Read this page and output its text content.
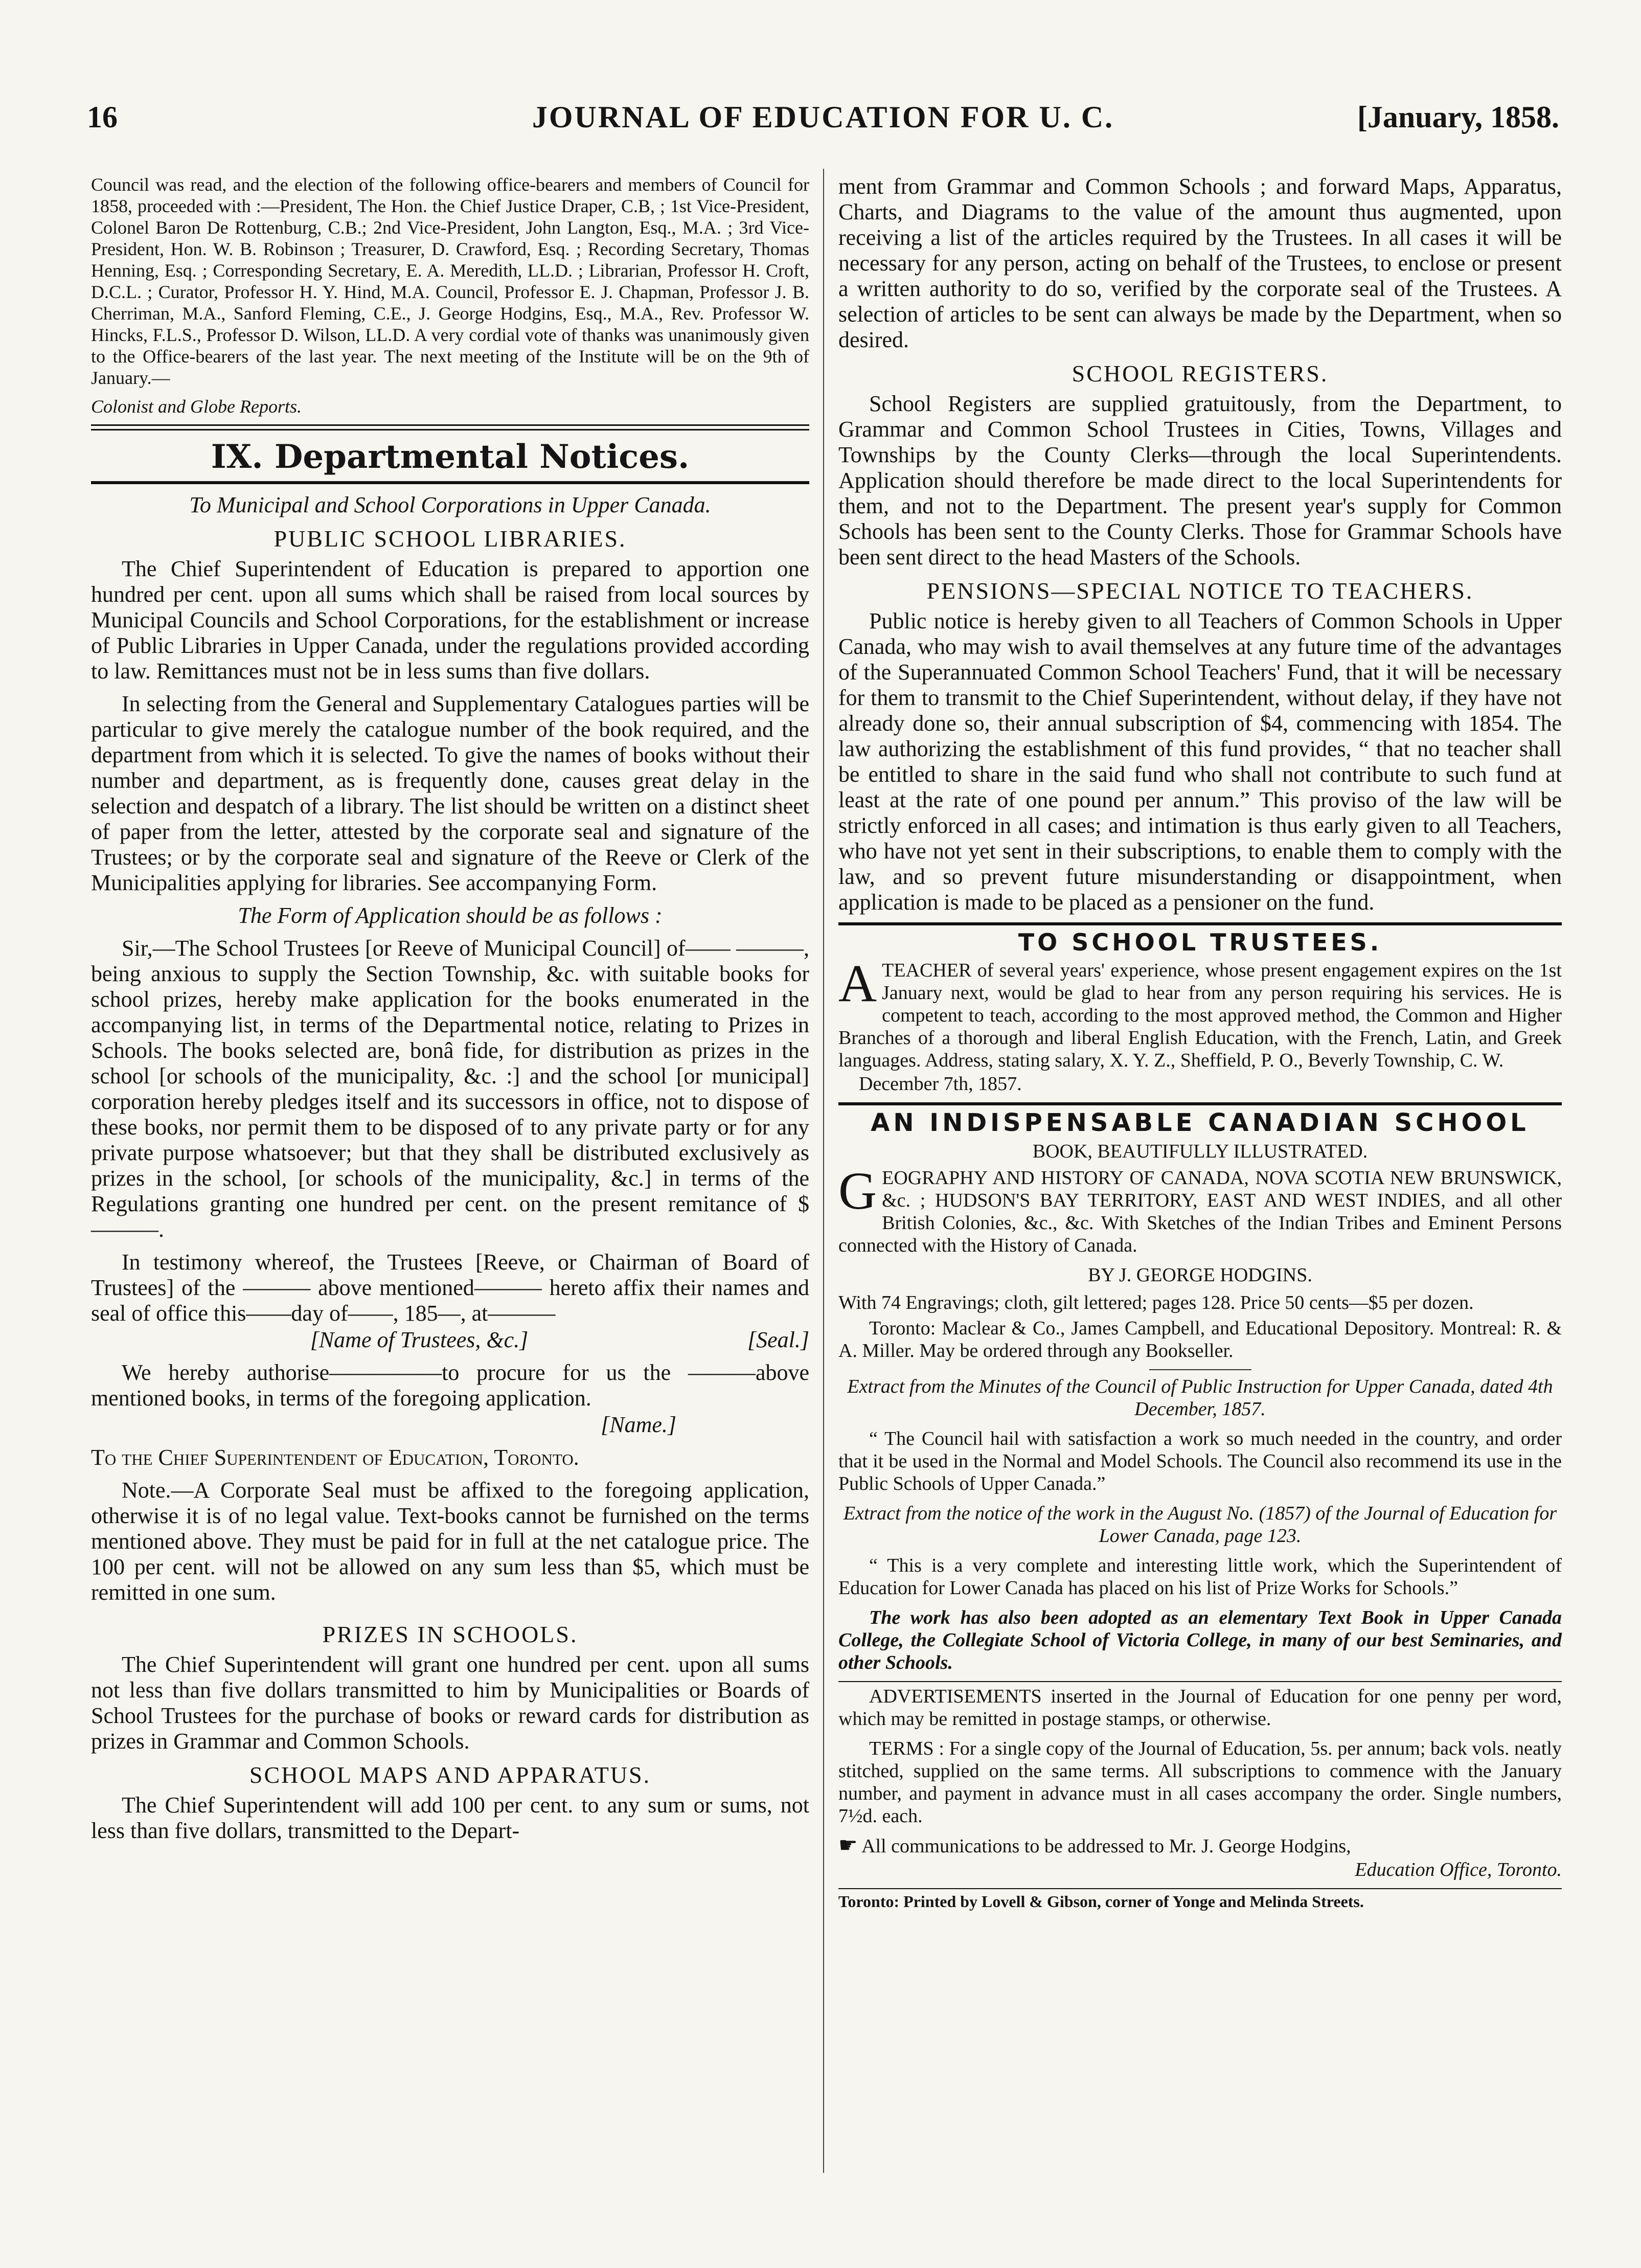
16	JOURNAL OF EDUCATION FOR U. C.	[January, 1858.

Council was read, and the election of the following office-bearers and members of Council for 1858, proceeded with :—President, The Hon. the Chief Justice Draper, C.B, ; 1st Vice-President, Colonel Baron De Rottenburg, C.B.; 2nd Vice-President, John Langton, Esq., M.A. ; 3rd Vice-President, Hon. W. B. Robinson ; Treasurer, D. Crawford, Esq. ; Recording Secretary, Thomas Henning, Esq. ; Corresponding Secretary, E. A. Meredith, LL.D. ; Librarian, Professor H. Croft, D.C.L. ; Curator, Professor H. Y. Hind, M.A. Council, Professor E. J. Chapman, Professor J. B. Cherriman, M.A., Sanford Fleming, C.E., J. George Hodgins, Esq., M.A., Rev. Professor W. Hincks, F.L.S., Professor D. Wilson, LL.D. A very cordial vote of thanks was unanimously given to the Office-bearers of the last year. The next meeting of the Institute will be on the 9th of January.—

Colonist and Globe Reports.

IX. Departmental Notices.

To Municipal and School Corporations in Upper Canada.

PUBLIC SCHOOL LIBRARIES.

The Chief Superintendent of Education is prepared to apportion one hundred per cent. upon all sums which shall be raised from local sources by Municipal Councils and School Corporations, for the establishment or increase of Public Libraries in Upper Canada, under the regulations provided according to law. Remittances must not be in less sums than five dollars.

In selecting from the General and Supplementary Catalogues parties will be particular to give merely the catalogue number of the book required, and the department from which it is selected. To give the names of books without their number and department, as is frequently done, causes great delay in the selection and despatch of a library. The list should be written on a distinct sheet of paper from the letter, attested by the corporate seal and signature of the Trustees; or by the corporate seal and signature of the Reeve or Clerk of the Municipalities applying for libraries. See accompanying Form.

The Form of Application should be as follows :

Sir,—The School Trustees [or Reeve of Municipal Council] of—— ———, being anxious to supply the Section Township, &c. with suitable books for school prizes, hereby make application for the books enumerated in the accompanying list, in terms of the Departmental notice, relating to Prizes in Schools. The books selected are, bonâ fide, for distribution as prizes in the school [or schools of the municipality, &c. :] and the school [or municipal] corporation hereby pledges itself and its successors in office, not to dispose of these books, nor permit them to be disposed of to any private party or for any private purpose whatsoever; but that they shall be distributed exclusively as prizes in the school, [or schools of the municipality, &c.] in terms of the Regulations granting one hundred per cent. on the present remitance of $———.

In testimony whereof, the Trustees [Reeve, or Chairman of Board of Trustees] of the ——— above mentioned——— hereto affix their names and seal of office this——day of——, 185—, at———

[Name of Trustees, &c.]	[Seal.]

We hereby authorise—————to procure for us the ———above mentioned books, in terms of the foregoing application.

[Name.]

To the Chief Superintendent of Education, Toronto.

Note.—A Corporate Seal must be affixed to the foregoing application, otherwise it is of no legal value. Text-books cannot be furnished on the terms mentioned above. They must be paid for in full at the net catalogue price. The 100 per cent. will not be allowed on any sum less than $5, which must be remitted in one sum.

PRIZES IN SCHOOLS.

The Chief Superintendent will grant one hundred per cent. upon all sums not less than five dollars transmitted to him by Municipalities or Boards of School Trustees for the purchase of books or reward cards for distribution as prizes in Grammar and Common Schools.

SCHOOL MAPS AND APPARATUS.

The Chief Superintendent will add 100 per cent. to any sum or sums, not less than five dollars, transmitted to the Depart-

ment from Grammar and Common Schools ; and forward Maps, Apparatus, Charts, and Diagrams to the value of the amount thus augmented, upon receiving a list of the articles required by the Trustees. In all cases it will be necessary for any person, acting on behalf of the Trustees, to enclose or present a written authority to do so, verified by the corporate seal of the Trustees. A selection of articles to be sent can always be made by the Department, when so desired.

SCHOOL REGISTERS.

School Registers are supplied gratuitously, from the Department, to Grammar and Common School Trustees in Cities, Towns, Villages and Townships by the County Clerks—through the local Superintendents. Application should therefore be made direct to the local Superintendents for them, and not to the Department. The present year's supply for Common Schools has been sent to the County Clerks. Those for Grammar Schools have been sent direct to the head Masters of the Schools.

PENSIONS—SPECIAL NOTICE TO TEACHERS.

Public notice is hereby given to all Teachers of Common Schools in Upper Canada, who may wish to avail themselves at any future time of the advantages of the Superannuated Common School Teachers' Fund, that it will be necessary for them to transmit to the Chief Superintendent, without delay, if they have not already done so, their annual subscription of $4, commencing with 1854. The law authorizing the establishment of this fund provides, “ that no teacher shall be entitled to share in the said fund who shall not contribute to such fund at least at the rate of one pound per annum.” This proviso of the law will be strictly enforced in all cases; and intimation is thus early given to all Teachers, who have not yet sent in their subscriptions, to enable them to comply with the law, and so prevent future misunderstanding or disappointment, when application is made to be placed as a pensioner on the fund.

TO SCHOOL TRUSTEES.

ATEACHER of several years' experience, whose present engagement expires on the 1st January next, would be glad to hear from any person requiring his services. He is competent to teach, according to the most approved method, the Common and Higher Branches of a thorough and liberal English Education, with the French, Latin, and Greek languages. Address, stating salary, X. Y. Z., Sheffield, P. O., Beverly Township, C. W.

December 7th, 1857.

AN INDISPENSABLE CANADIAN SCHOOL
BOOK, BEAUTIFULLY ILLUSTRATED.

GEOGRAPHY AND HISTORY OF CANADA, NOVA SCOTIA NEW BRUNSWICK, &c. ; HUDSON'S BAY TERRITORY, EAST AND WEST INDIES, and all other British Colonies, &c., &c. With Sketches of the Indian Tribes and Eminent Persons connected with the History of Canada.

BY J. GEORGE HODGINS.

With 74 Engravings; cloth, gilt lettered; pages 128. Price 50 cents—$5 per dozen.

Toronto: Maclear & Co., James Campbell, and Educational Depository. Montreal: R. & A. Miller. May be ordered through any Bookseller.

Extract from the Minutes of the Council of Public Instruction for Upper Canada, dated 4th December, 1857.

“ The Council hail with satisfaction a work so much needed in the country, and order that it be used in the Normal and Model Schools. The Council also recommend its use in the Public Schools of Upper Canada.”

Extract from the notice of the work in the August No. (1857) of the Journal of Education for Lower Canada, page 123.

“ This is a very complete and interesting little work, which the Superintendent of Education for Lower Canada has placed on his list of Prize Works for Schools.”

The work has also been adopted as an elementary Text Book in Upper Canada College, the Collegiate School of Victoria College, in many of our best Seminaries, and other Schools.

ADVERTISEMENTS inserted in the Journal of Education for one penny per word, which may be remitted in postage stamps, or otherwise.

TERMS : For a single copy of the Journal of Education, 5s. per annum; back vols. neatly stitched, supplied on the same terms. All subscriptions to commence with the January number, and payment in advance must in all cases accompany the order. Single numbers, 7½d. each.

☛ All communications to be addressed to Mr. J. George Hodgins,

Education Office, Toronto.

Toronto: Printed by Lovell & Gibson, corner of Yonge and Melinda Streets.
